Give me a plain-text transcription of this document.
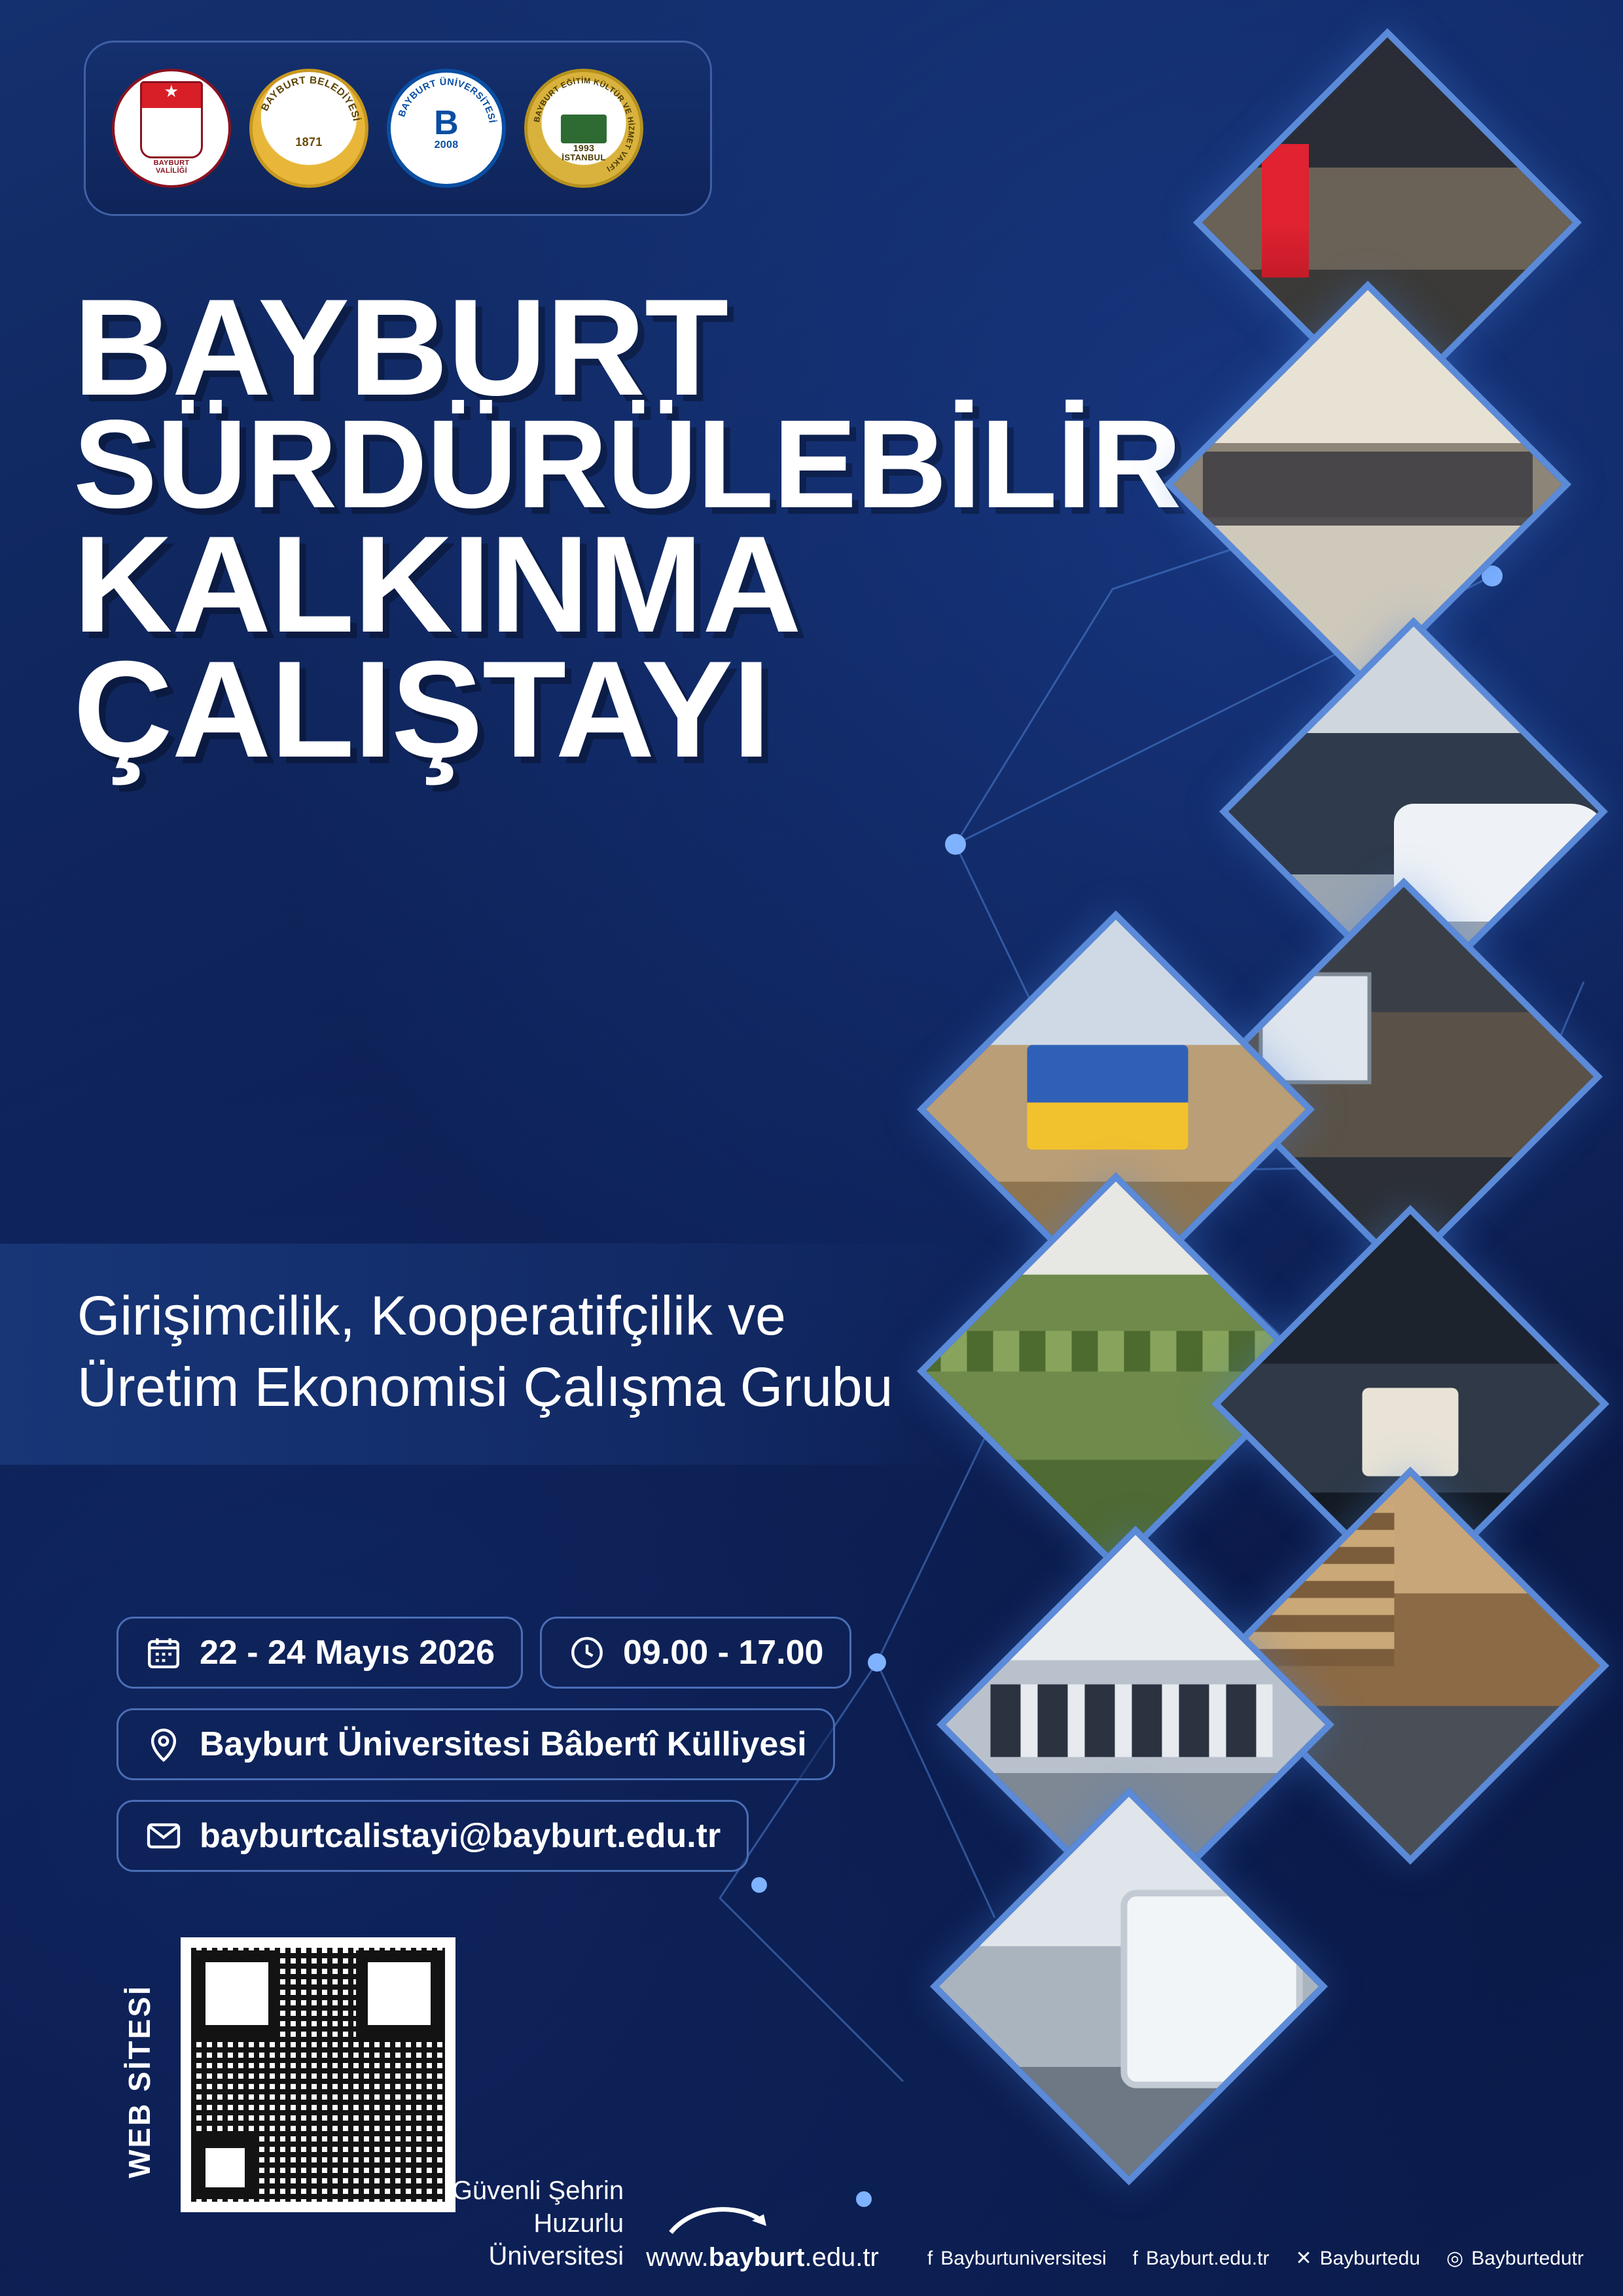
★
BAYBURT
VALİLİĞİ
BAYBURT BELEDİYESİ
1871
BAYBURT ÜNİVERSİTESİ
B
2008
BAYBURT EĞİTİM KÜLTÜR VE HİZMET VAKFI
1993
İSTANBUL
BAYBURT
SÜRDÜRÜLEBİLİR
KALKINMA
ÇALIŞTAYI

Girişimcilik, Kooperatifçilik ve Üretim Ekonomisi Çalışma Grubu

22 - 24 Mayıs 2026	09.00 - 17.00
Bayburt Üniversitesi Bâbertî Külliyesi
bayburtcalistayi@bayburt.edu.tr
WEB SİTESİ
Güvenli Şehrin
Huzurlu Üniversitesi www.bayburt.edu.tr f Bayburtuniversitesi f Bayburt.edu.tr ✕ Bayburtedu ◎ Bayburtedutr
